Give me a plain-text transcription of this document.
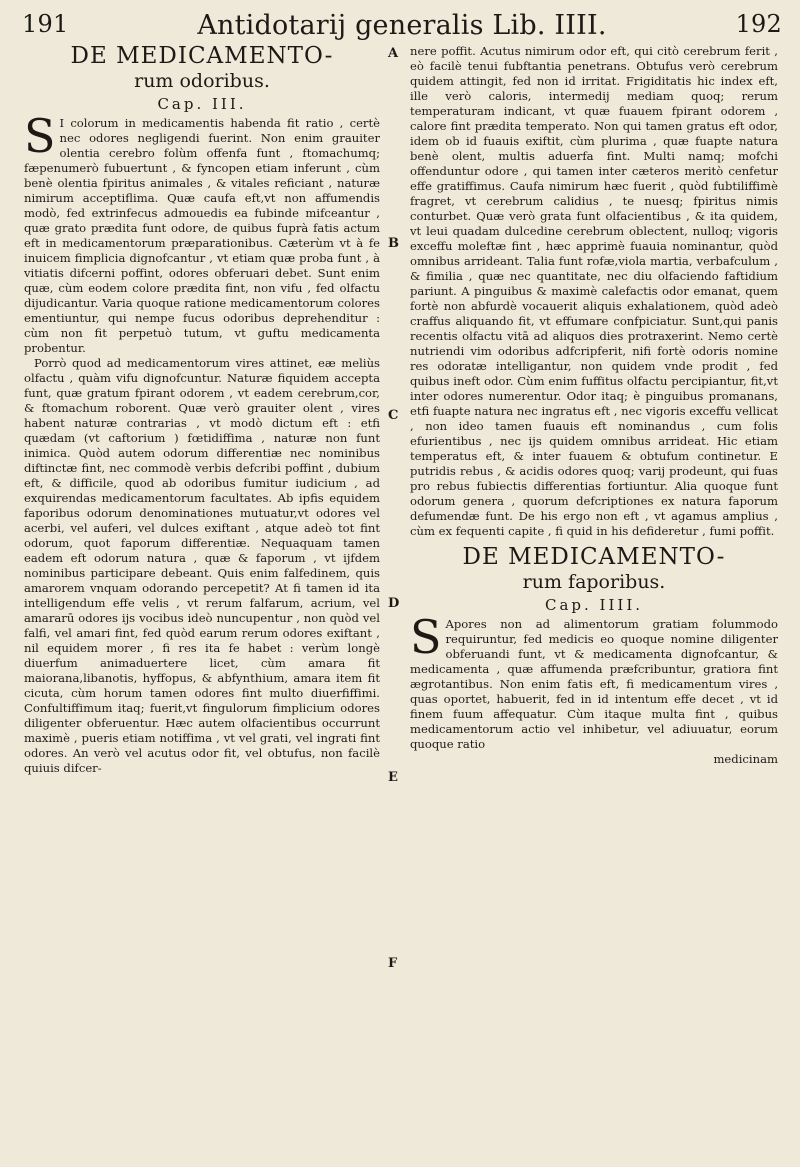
191	Antidotarij generalis Lib. IIII.	192
DE MEDICAMENTO-
rum odoribus.
Cap. III.

S I colorum in medicamentis habenda fit ratio , certè nec odores negligendi fuerint. Non enim grauiter olentia cerebro folùm offenfa funt , ftomachumq; fæpenumerò fubuertunt , & fyncopen etiam inferunt , cùm benè olentia fpiritus animales , & vitales reficiant , naturæ nimirum acceptiflima. Quæ caufa eft,vt non affumendis modò, fed extrinfecus admouedis ea fubinde mifceantur , quæ grato prædita funt odore, de quibus fuprà fatis actum eft in medicamentorum præparationibus. Cæterùm vt à fe inuicem fimplicia dignofcantur , vt etiam quæ proba funt , à vitiatis difcerni poffint, odores obferuari debet. Sunt enim quæ, cùm eodem colore prædita fint, non vifu , fed olfactu dijudicantur. Varia quoque ratione medicamentorum colores ementiuntur, qui nempe fucus odoribus deprehenditur : cùm non fit perpetuò tutum, vt guftu medicamenta probentur.

Porrò quod ad medicamentorum vires attinet, eæ meliùs olfactu , quàm vifu dignofcuntur. Naturæ fiquidem accepta funt, quæ gratum fpirant odorem , vt eadem cerebrum,cor, & ftomachum roborent. Quæ verò grauiter olent , vires habent naturæ contrarias , vt modò dictum eft : etfi quædam (vt caftorium ) fœtidiffima , naturæ non funt inimica. Quòd autem odorum differentiæ nec nominibus diftinctæ fint, nec commodè verbis defcribi poffint , dubium eft, & difficile, quod ab odoribus fumitur iudicium , ad exquirendas medicamentorum facultates. Ab ipfis equidem faporibus odorum denominationes mutuatur,vt odores vel acerbi, vel auferi, vel dulces exiftant , atque adeò tot fint odorum, quot faporum differentiæ. Nequaquam tamen eadem eft odorum natura , quæ & faporum , vt ijfdem nominibus participare debeant. Quis enim falfedinem, quis amarorem vnquam odorando percepetit? At fi tamen id ita intelligendum effe velis , vt rerum falfarum, acrium, vel amararū odores ijs vocibus ideò nuncupentur , non quòd vel falfi, vel amari fint, fed quòd earum rerum odores exiftant , nil equidem morer , fi res ita fe habet : verùm longè diuerfum animaduertere licet, cùm amara fit maiorana,libanotis, hyffopus, & abfynthium, amara item fit cicuta, cùm horum tamen odores fint multo diuerfiffimi. Confultiffimum itaq; fuerit,vt fingulorum fimplicium odores diligenter obferuentur. Hæc autem olfacientibus occurrunt maximè , pueris etiam notiffima , vt vel grati, vel ingrati fint odores. An verò vel acutus odor fit, vel obtufus, non facilè quiuis difcer-

A
B
C
D
E
F

nere poffit. Acutus nimirum odor eft, qui citò cerebrum ferit , eò facilè tenui fubftantia penetrans. Obtufus verò cerebrum quidem attingit, fed non id irritat. Frigiditatis hic index eft, ille verò caloris, intermedij mediam quoq; rerum temperaturam indicant, vt quæ fuauem fpirant odorem , calore fint prædita temperato. Non qui tamen gratus eft odor, idem ob id fuauis exiftit, cùm plurima , quæ fuapte natura benè olent, multis aduerfa fint. Multi namq; mofchi offenduntur odore , qui tamen inter cæteros meritò cenfetur effe gratiffimus. Caufa nimirum hæc fuerit , quòd fubtiliffimè fragret, vt cerebrum calidius , te nuesq; fpiritus nimis conturbet. Quæ verò grata funt olfacientibus , & ita quidem, vt leui quadam dulcedine cerebrum oblectent, nulloq; vigoris exceffu moleftæ fint , hæc apprimè fuauia nominantur, quòd omnibus arrideant. Talia funt rofæ,viola martia, verbafculum , & fimilia , quæ nec quantitate, nec diu olfaciendo faftidium pariunt. A pinguibus & maximè calefactis odor emanat, quem fortè non abfurdè vocauerit aliquis exhalationem, quòd adeò craffus aliquando fit, vt effumare confpiciatur. Sunt,qui panis recentis olfactu vitā ad aliquos dies protraxerint. Nemo certè nutriendi vim odoribus adfcripferit, nifi fortè odoris nomine res odoratæ intelligantur, non quidem vnde prodit , fed quibus ineft odor. Cùm enim fuffitus olfactu percipiantur, fit,vt inter odores numerentur. Odor itaq; è pinguibus promanans, etfi fuapte natura nec ingratus eft , nec vigoris exceffu vellicat , non ideo tamen fuauis eft nominandus , cum folis efurientibus , nec ijs quidem omnibus arrideat. Hic etiam temperatus eft, & inter fuauem & obtufum continetur. E putridis rebus , & acidis odores quoq; varij prodeunt, qui fuas pro rebus fubiectis differentias fortiuntur. Alia quoque funt odorum genera , quorum defcriptiones ex natura faporum defumendæ funt. De his ergo non eft , vt agamus amplius , cùm ex fequenti capite , fi quid in his defideretur , fumi poffit.

DE MEDICAMENTO-
rum faporibus.
Cap. IIII.

S Apores non ad alimentorum gratiam folummodo requiruntur, fed medicis eo quoque nomine diligenter obferuandi funt, vt & medicamenta dignofcantur, & medicamenta , quæ affumenda præfcribuntur, gratiora fint ægrotantibus. Non enim fatis eft, fi medicamentum vires , quas oportet, habuerit, fed in id intentum effe decet , vt id finem fuum affequatur. Cùm itaque multa fint , quibus medicamentorum actio vel inhibetur, vel adiuuatur, eorum quoque ratio

medicinam
